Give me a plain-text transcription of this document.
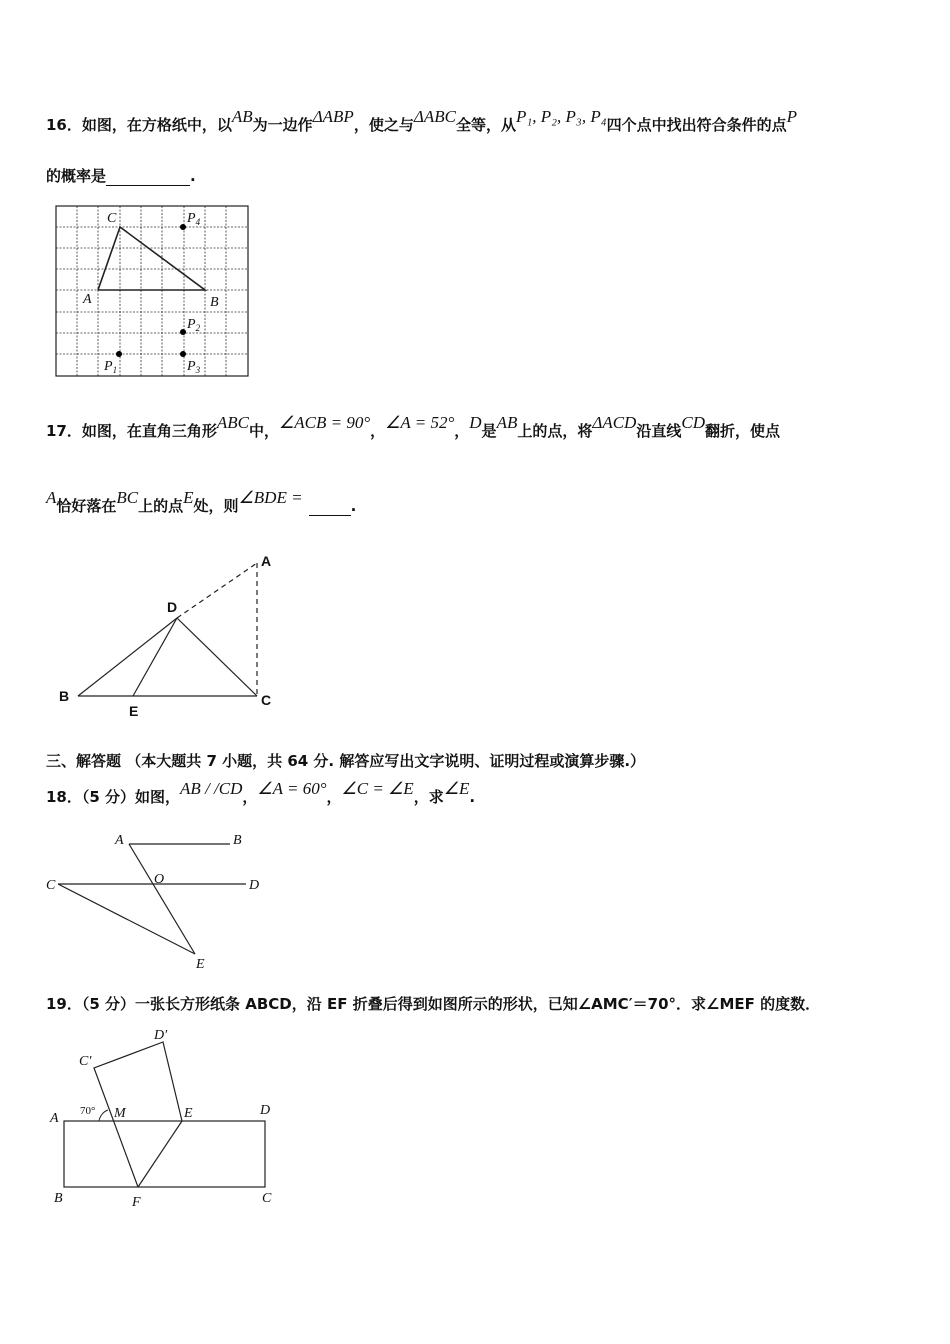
16．如图，在方格纸中，以AB为一边作ΔABP，使之与ΔABC全等，从P₁, P₂, P₃, P₄四个点中找出符合条件的点P
的概率是	.
C
A	B
$P_4$
$P_2$
$P_1$	$P_3$
17．如图，在直角三角形ABC中，∠ACB = 90°，∠A = 52°，D是AB上的点，将ΔACD沿直线CD翻折，使点
A恰好落在BC上的点E处，则∠BDE =	.
A
D
B
E
C
三、解答题 （本大题共 7 小题，共 64 分. 解答应写出文字说明、证明过程或演算步骤.）
18．（5 分）如图，AB / /CD，∠A = 60°，∠C = ∠E，求∠E.
A	B
C	O	D
E
19．（5 分）一张长方形纸条 ABCD，沿 EF 折叠后得到如图所示的形状，已知∠AMC′＝70°．求∠MEF 的度数．
C′
D′
A 70° M	E	D
B	F	C
